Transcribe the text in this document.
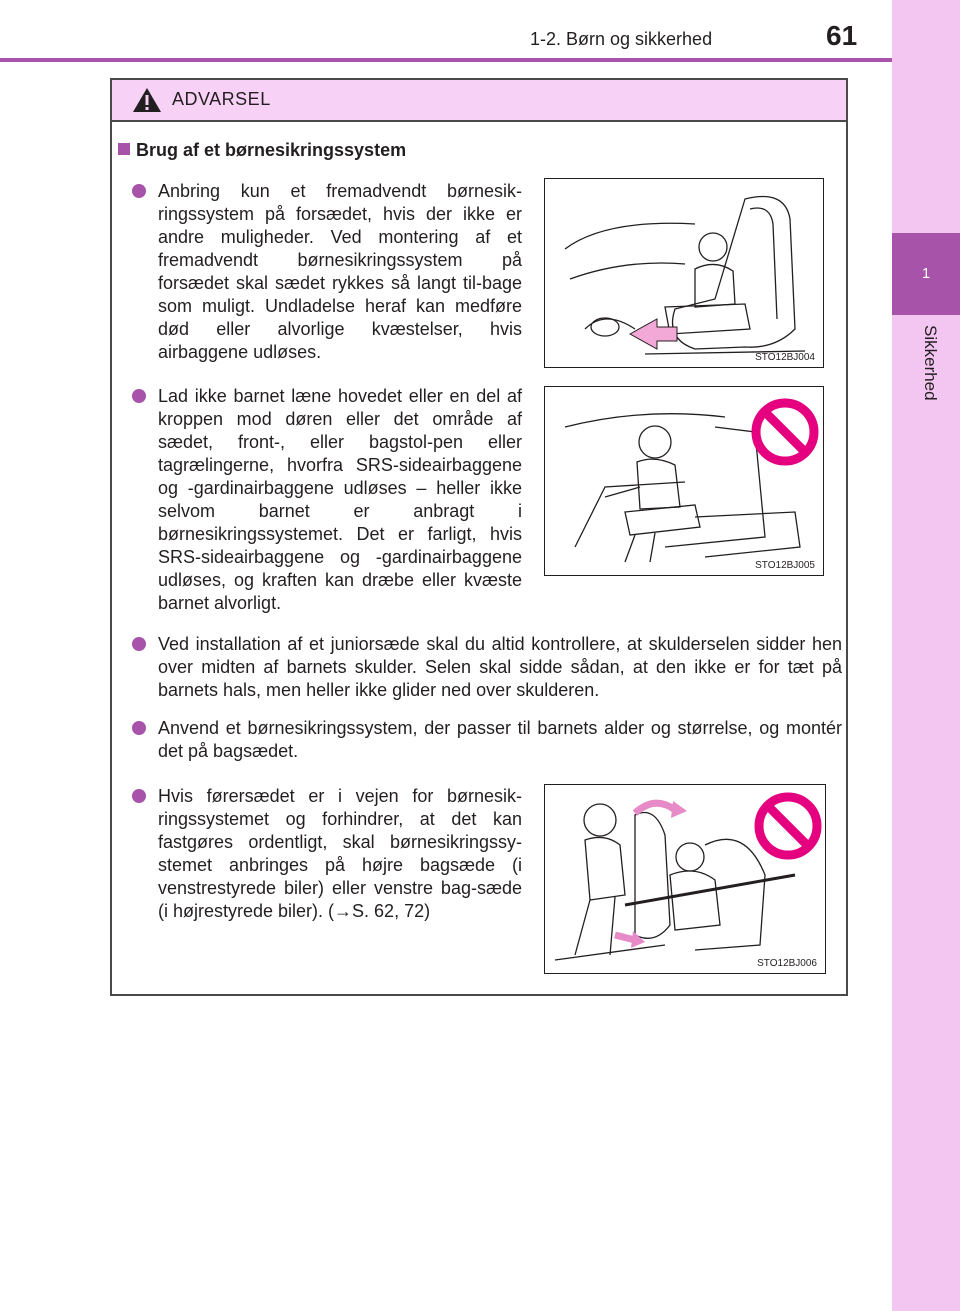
1-2. Børn og sikkerhed	61
1
Sikkerhed
ADVARSEL
Brug af et børnesikringssystem
Anbring kun et fremadvendt børnesik-ringssystem på forsædet, hvis der ikke er andre muligheder. Ved montering af et fremadvendt børnesikringssystem på forsædet skal sædet rykkes så langt til-bage som muligt. Undladelse heraf kan medføre død eller alvorlige kvæstelser, hvis airbaggene udløses.
Lad ikke barnet læne hovedet eller en del af kroppen mod døren eller det område af sædet, front-, eller bagstol-pen eller tagrælingerne, hvorfra SRS-sideairbaggene og -gardinairbaggene udløses – heller ikke selvom barnet er anbragt i børnesikringssystemet. Det er farligt, hvis SRS-sideairbaggene og -gardinairbaggene udløses, og kraften kan dræbe eller kvæste barnet alvorligt.
Ved installation af et juniorsæde skal du altid kontrollere, at skulderselen sidder hen over midten af barnets skulder. Selen skal sidde sådan, at den ikke er for tæt på barnets hals, men heller ikke glider ned over skulderen.
Anvend et børnesikringssystem, der passer til barnets alder og størrelse, og montér det på bagsædet.
Hvis førersædet er i vejen for børnesik-ringssystemet og forhindrer, at det kan fastgøres ordentligt, skal børnesikringssy-stemet anbringes på højre bagsæde (i venstrestyrede biler) eller venstre bag-sæde (i højrestyrede biler). (→S. 62, 72)
STO12BJ004
STO12BJ005
STO12BJ006
